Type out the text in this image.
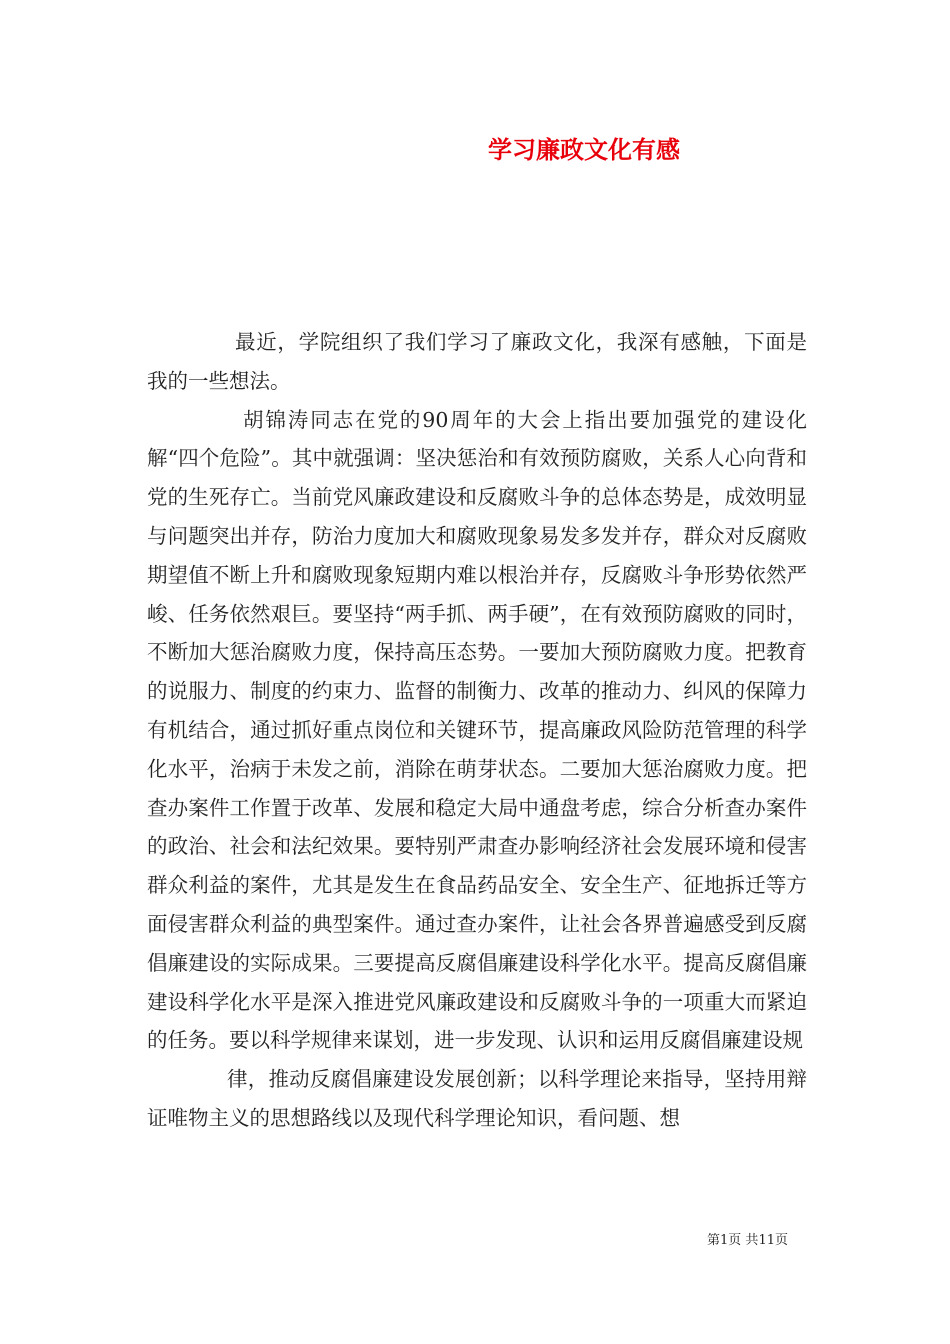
学习廉政文化有感

最近，学院组织了我们学习了廉政文化，我深有感触，下面是我的一些想法。

胡锦涛同志在党的90周年的大会上指出要加强党的建设化解“四个危险”。其中就强调：坚决惩治和有效预防腐败，关系人心向背和党的生死存亡。当前党风廉政建设和反腐败斗争的总体态势是，成效明显与问题突出并存，防治力度加大和腐败现象易发多发并存，群众对反腐败期望值不断上升和腐败现象短期内难以根治并存，反腐败斗争形势依然严峻、任务依然艰巨。要坚持“两手抓、两手硬”，在有效预防腐败的同时，不断加大惩治腐败力度，保持高压态势。一要加大预防腐败力度。把教育的说服力、制度的约束力、监督的制衡力、改革的推动力、纠风的保障力有机结合，通过抓好重点岗位和关键环节，提高廉政风险防范管理的科学化水平，治病于未发之前，消除在萌芽状态。二要加大惩治腐败力度。把查办案件工作置于改革、发展和稳定大局中通盘考虑，综合分析查办案件的政治、社会和法纪效果。要特别严肃查办影响经济社会发展环境和侵害群众利益的案件，尤其是发生在食品药品安全、安全生产、征地拆迁等方面侵害群众利益的典型案件。通过查办案件，让社会各界普遍感受到反腐倡廉建设的实际成果。三要提高反腐倡廉建设科学化水平。提高反腐倡廉建设科学化水平是深入推进党风廉政建设和反腐败斗争的一项重大而紧迫的任务。要以科学规律来谋划，进一步发现、认识和运用反腐倡廉建设规

律，推动反腐倡廉建设发展创新；以科学理论来指导，坚持用辩证唯物主义的思想路线以及现代科学理论知识，看问题、想

第1页 共11页
